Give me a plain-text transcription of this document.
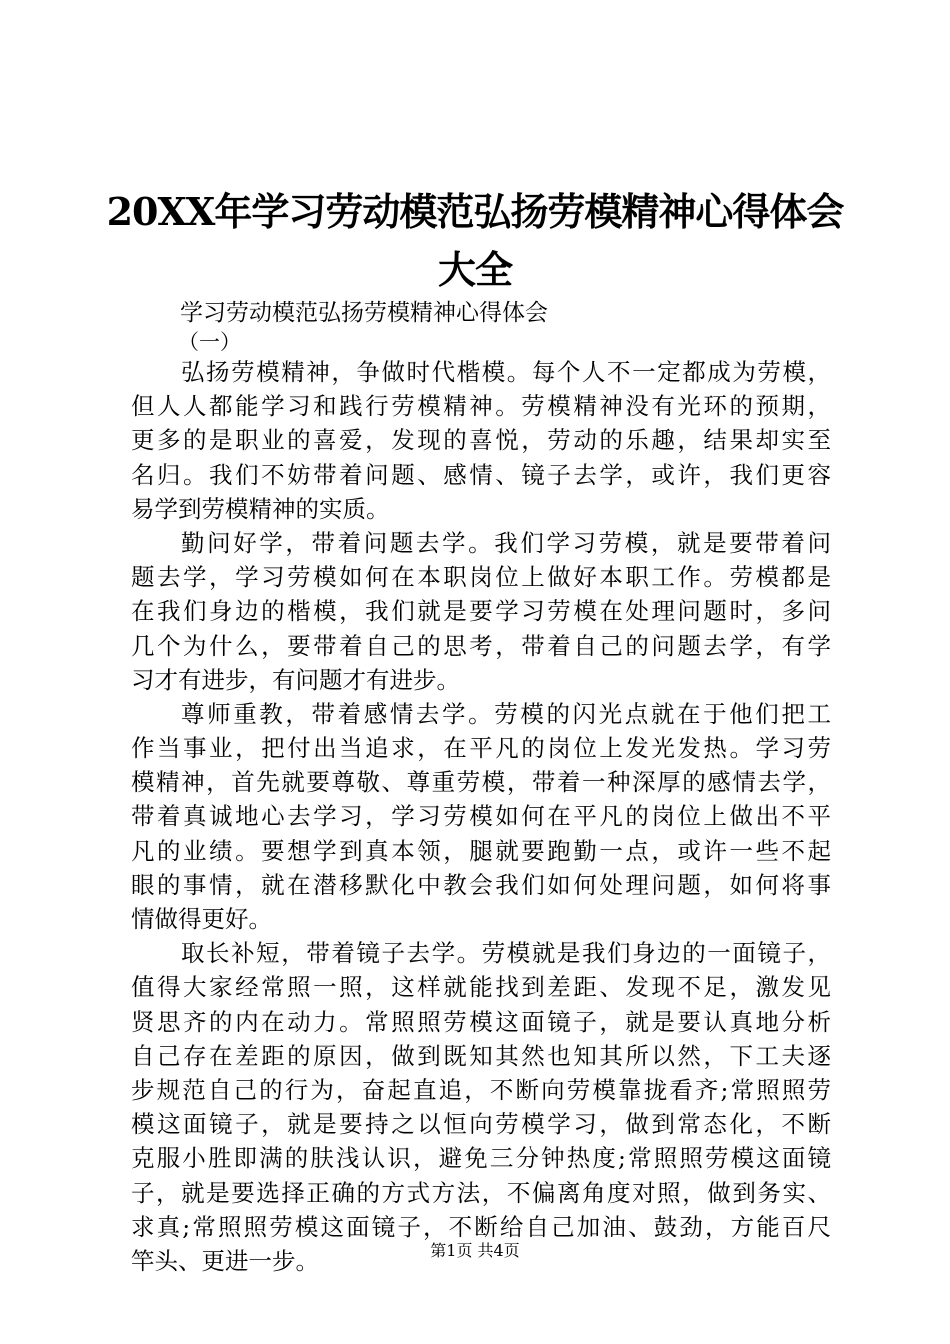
20XX年学习劳动模范弘扬劳模精神心得体会
大全
学习劳动模范弘扬劳模精神心得体会
（一）
弘扬劳模精神，争做时代楷模。每个人不一定都成为劳模，
但人人都能学习和践行劳模精神。劳模精神没有光环的预期，
更多的是职业的喜爱，发现的喜悦，劳动的乐趣，结果却实至
名归。我们不妨带着问题、感情、镜子去学，或许，我们更容
易学到劳模精神的实质。
勤问好学，带着问题去学。我们学习劳模，就是要带着问
题去学，学习劳模如何在本职岗位上做好本职工作。劳模都是
在我们身边的楷模，我们就是要学习劳模在处理问题时，多问
几个为什么，要带着自己的思考，带着自己的问题去学，有学
习才有进步，有问题才有进步。
尊师重教，带着感情去学。劳模的闪光点就在于他们把工
作当事业，把付出当追求，在平凡的岗位上发光发热。学习劳
模精神，首先就要尊敬、尊重劳模，带着一种深厚的感情去学，
带着真诚地心去学习，学习劳模如何在平凡的岗位上做出不平
凡的业绩。要想学到真本领，腿就要跑勤一点，或许一些不起
眼的事情，就在潜移默化中教会我们如何处理问题，如何将事
情做得更好。
取长补短，带着镜子去学。劳模就是我们身边的一面镜子，
值得大家经常照一照，这样就能找到差距、发现不足，激发见
贤思齐的内在动力。常照照劳模这面镜子，就是要认真地分析
自己存在差距的原因，做到既知其然也知其所以然，下工夫逐
步规范自己的行为，奋起直追，不断向劳模靠拢看齐;常照照劳
模这面镜子，就是要持之以恒向劳模学习，做到常态化，不断
克服小胜即满的肤浅认识，避免三分钟热度;常照照劳模这面镜
子，就是要选择正确的方式方法，不偏离角度对照，做到务实、
求真;常照照劳模这面镜子，不断给自己加油、鼓劲，方能百尺
竿头、更进一步。	第1页 共4页
